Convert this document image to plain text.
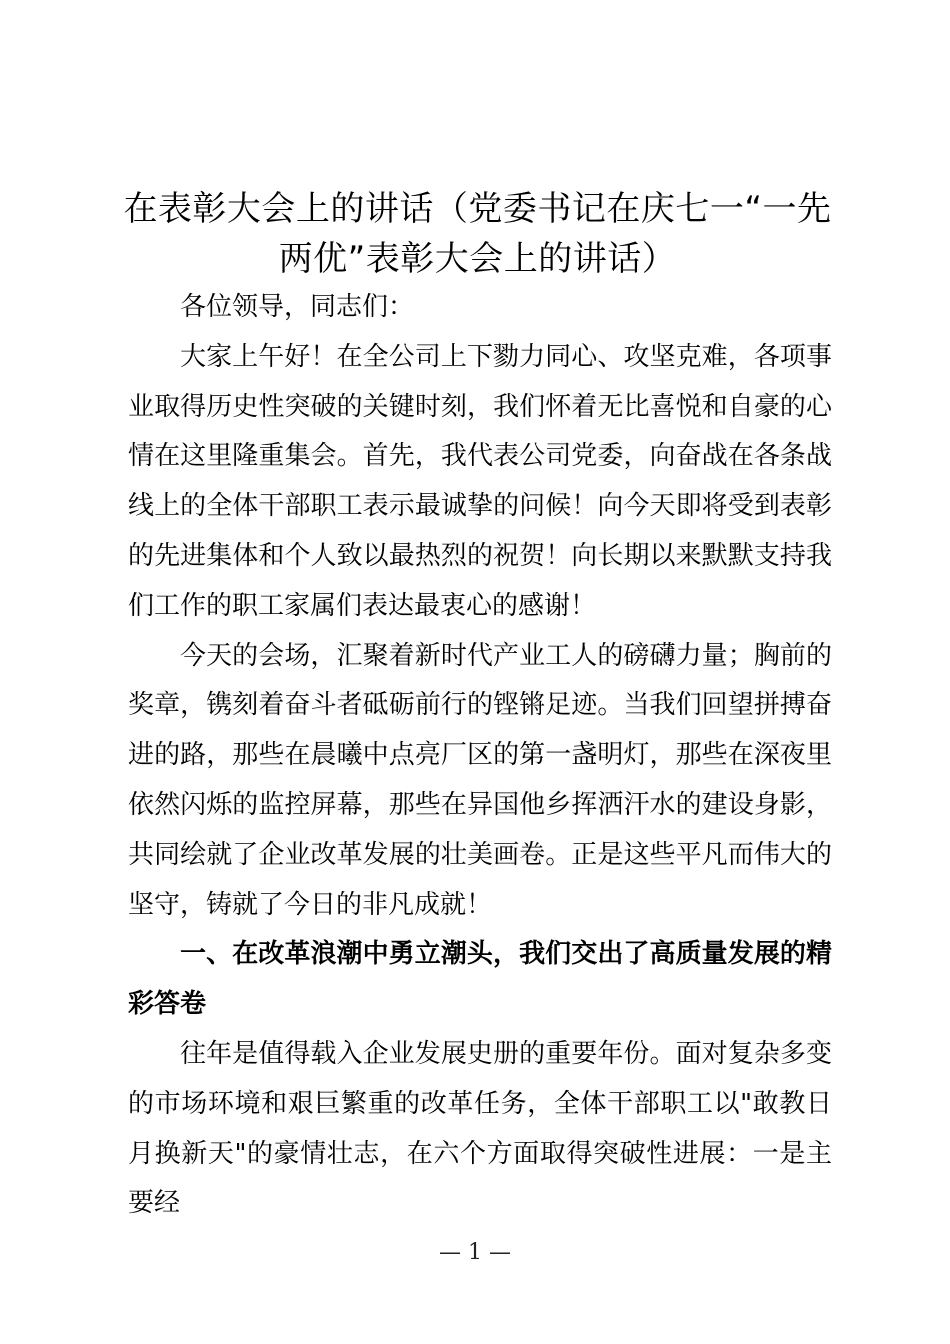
在表彰大会上的讲话（党委书记在庆七一“一先两优”表彰大会上的讲话）

各位领导，同志们：

大家上午好！在全公司上下勠力同心、攻坚克难，各项事业取得历史性突破的关键时刻，我们怀着无比喜悦和自豪的心情在这里隆重集会。首先，我代表公司党委，向奋战在各条战线上的全体干部职工表示最诚挚的问候！向今天即将受到表彰的先进集体和个人致以最热烈的祝贺！向长期以来默默支持我们工作的职工家属们表达最衷心的感谢！

今天的会场，汇聚着新时代产业工人的磅礴力量；胸前的奖章，镌刻着奋斗者砥砺前行的铿锵足迹。当我们回望拼搏奋进的路，那些在晨曦中点亮厂区的第一盏明灯，那些在深夜里依然闪烁的监控屏幕，那些在异国他乡挥洒汗水的建设身影，共同绘就了企业改革发展的壮美画卷。正是这些平凡而伟大的坚守，铸就了今日的非凡成就！

一、在改革浪潮中勇立潮头，我们交出了高质量发展的精彩答卷

往年是值得载入企业发展史册的重要年份。面对复杂多变的市场环境和艰巨繁重的改革任务，全体干部职工以"敢教日月换新天"的豪情壮志，在六个方面取得突破性进展：一是主要经

— 1 —
